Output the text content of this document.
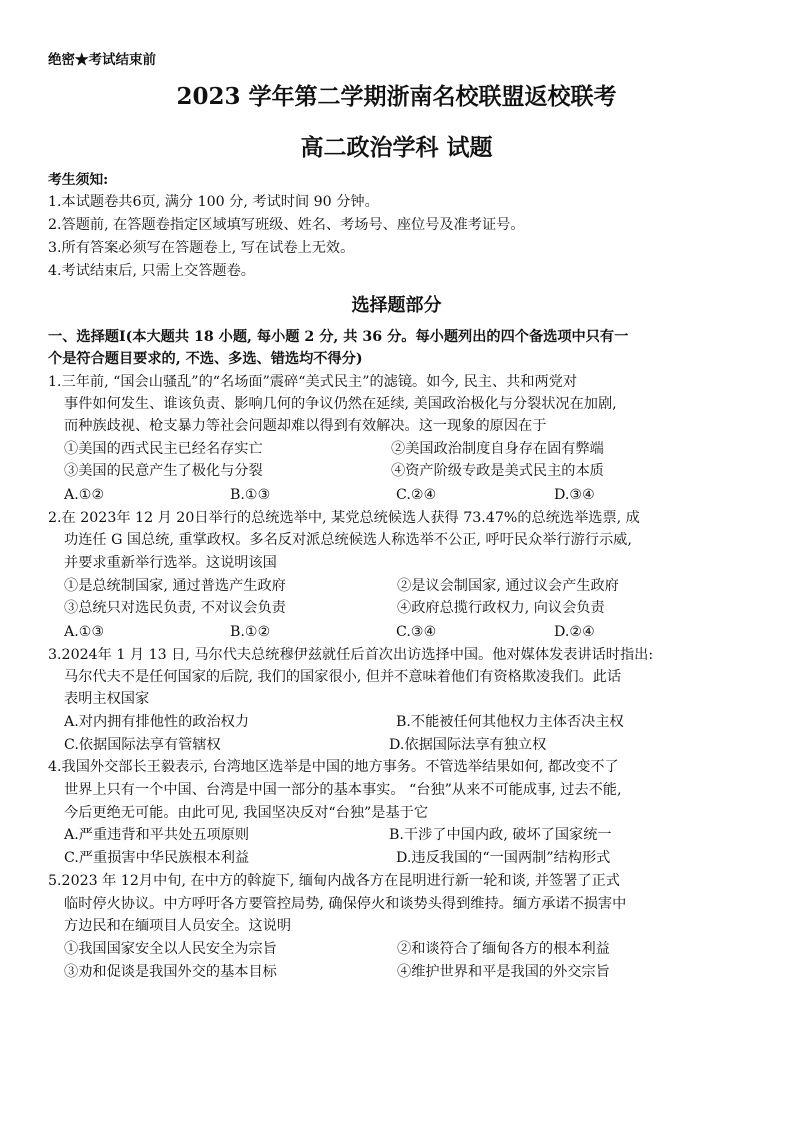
绝密★考试结束前
2023 学年第二学期浙南名校联盟返校联考
高二政治学科 试题
考生须知:
1.本试题卷共6页, 满分 100 分, 考试时间 90 分钟。
2.答题前, 在答题卷指定区域填写班级、姓名、考场号、座位号及准考证号。
3.所有答案必须写在答题卷上, 写在试卷上无效。
4.考试结束后, 只需上交答题卷。
选择题部分
一、选择题Ⅰ(本大题共 18 小题, 每小题 2 分, 共 36 分。每小题列出的四个备选项中只有一
个是符合题目要求的, 不选、多选、错选均不得分)
1.三年前, “国会山骚乱”的“名场面”震碎“美式民主”的滤镜。如今, 民主、共和两党对
事件如何发生、谁该负责、影响几何的争议仍然在延续, 美国政治极化与分裂状况在加剧,
而种族歧视、枪支暴力等社会问题却难以得到有效解决。这一现象的原因在于
①美国的西式民主已经名存实亡	②美国政治制度自身存在固有弊端
③美国的民意产生了极化与分裂	④资产阶级专政是美式民主的本质
A.①②	B.①③	C.②④	D.③④
2.在 2023年 12 月 20日举行的总统选举中, 某党总统候选人获得 73.47%的总统选举选票, 成
功连任 G 国总统, 重掌政权。多名反对派总统候选人称选举不公正, 呼吁民众举行游行示威,
并要求重新举行选举。这说明该国
①是总统制国家, 通过普选产生政府	②是议会制国家, 通过议会产生政府
③总统只对选民负责, 不对议会负责	④政府总揽行政权力, 向议会负责
A.①③	B.①②	C.③④	D.②④
3.2024年 1 月 13 日, 马尔代夫总统穆伊兹就任后首次出访选择中国。他对媒体发表讲话时指出:
马尔代夫不是任何国家的后院, 我们的国家很小, 但并不意味着他们有资格欺凌我们。此话
表明主权国家
A.对内拥有排他性的政治权力	B.不能被任何其他权力主体否决主权
C.依据国际法享有管辖权	D.依据国际法享有独立权
4.我国外交部长王毅表示, 台湾地区选举是中国的地方事务。不管选举结果如何, 都改变不了
世界上只有一个中国、台湾是中国一部分的基本事实。 “台独”从来不可能成事, 过去不能,
今后更绝无可能。由此可见, 我国坚决反对“台独”是基于它
A.严重违背和平共处五项原则	B.干涉了中国内政, 破坏了国家统一
C.严重损害中华民族根本利益	D.违反我国的“一国两制”结构形式
5.2023 年 12月中旬, 在中方的斡旋下, 缅甸内战各方在昆明进行新一轮和谈, 并签署了正式
临时停火协议。中方呼吁各方要管控局势, 确保停火和谈势头得到维持。缅方承诺不损害中
方边民和在缅项目人员安全。这说明
①我国国家安全以人民安全为宗旨	②和谈符合了缅甸各方的根本利益
③劝和促谈是我国外交的基本目标	④维护世界和平是我国的外交宗旨
